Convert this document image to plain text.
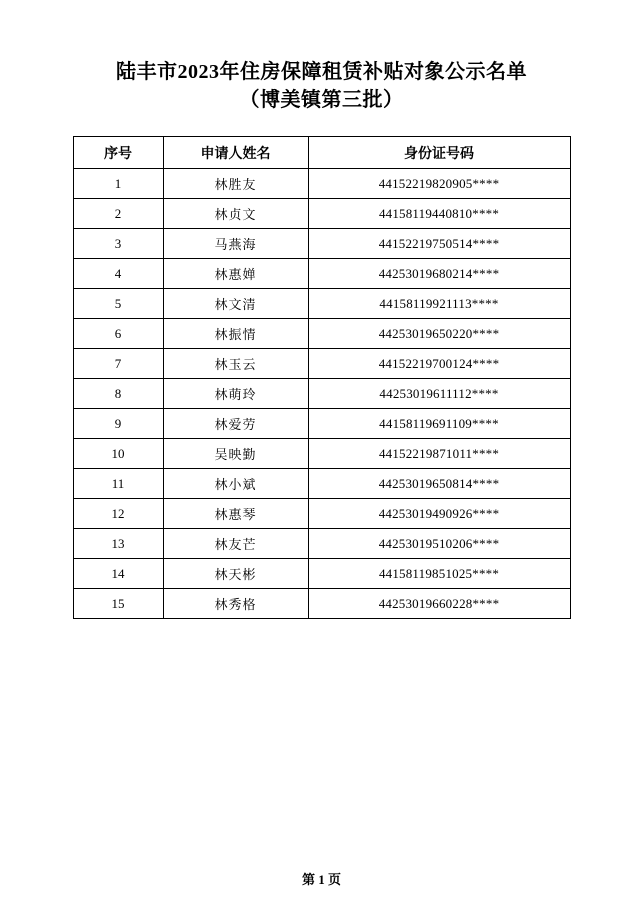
陆丰市2023年住房保障租赁补贴对象公示名单
（博美镇第三批）
序号	申请人姓名	身份证号码
1	林胜友	44152219820905****
2	林贞文	44158119440810****
3	马燕海	44152219750514****
4	林惠婵	44253019680214****
5	林文清	44158119921113****
6	林振情	44253019650220****
7	林玉云	44152219700124****
8	林萌玲	44253019611112****
9	林爱劳	44158119691109****
10	吴映勤	44152219871011****
11	林小斌	44253019650814****
12	林惠琴	44253019490926****
13	林友芒	44253019510206****
14	林天彬	44158119851025****
15	林秀格	44253019660228****
第 1 页
